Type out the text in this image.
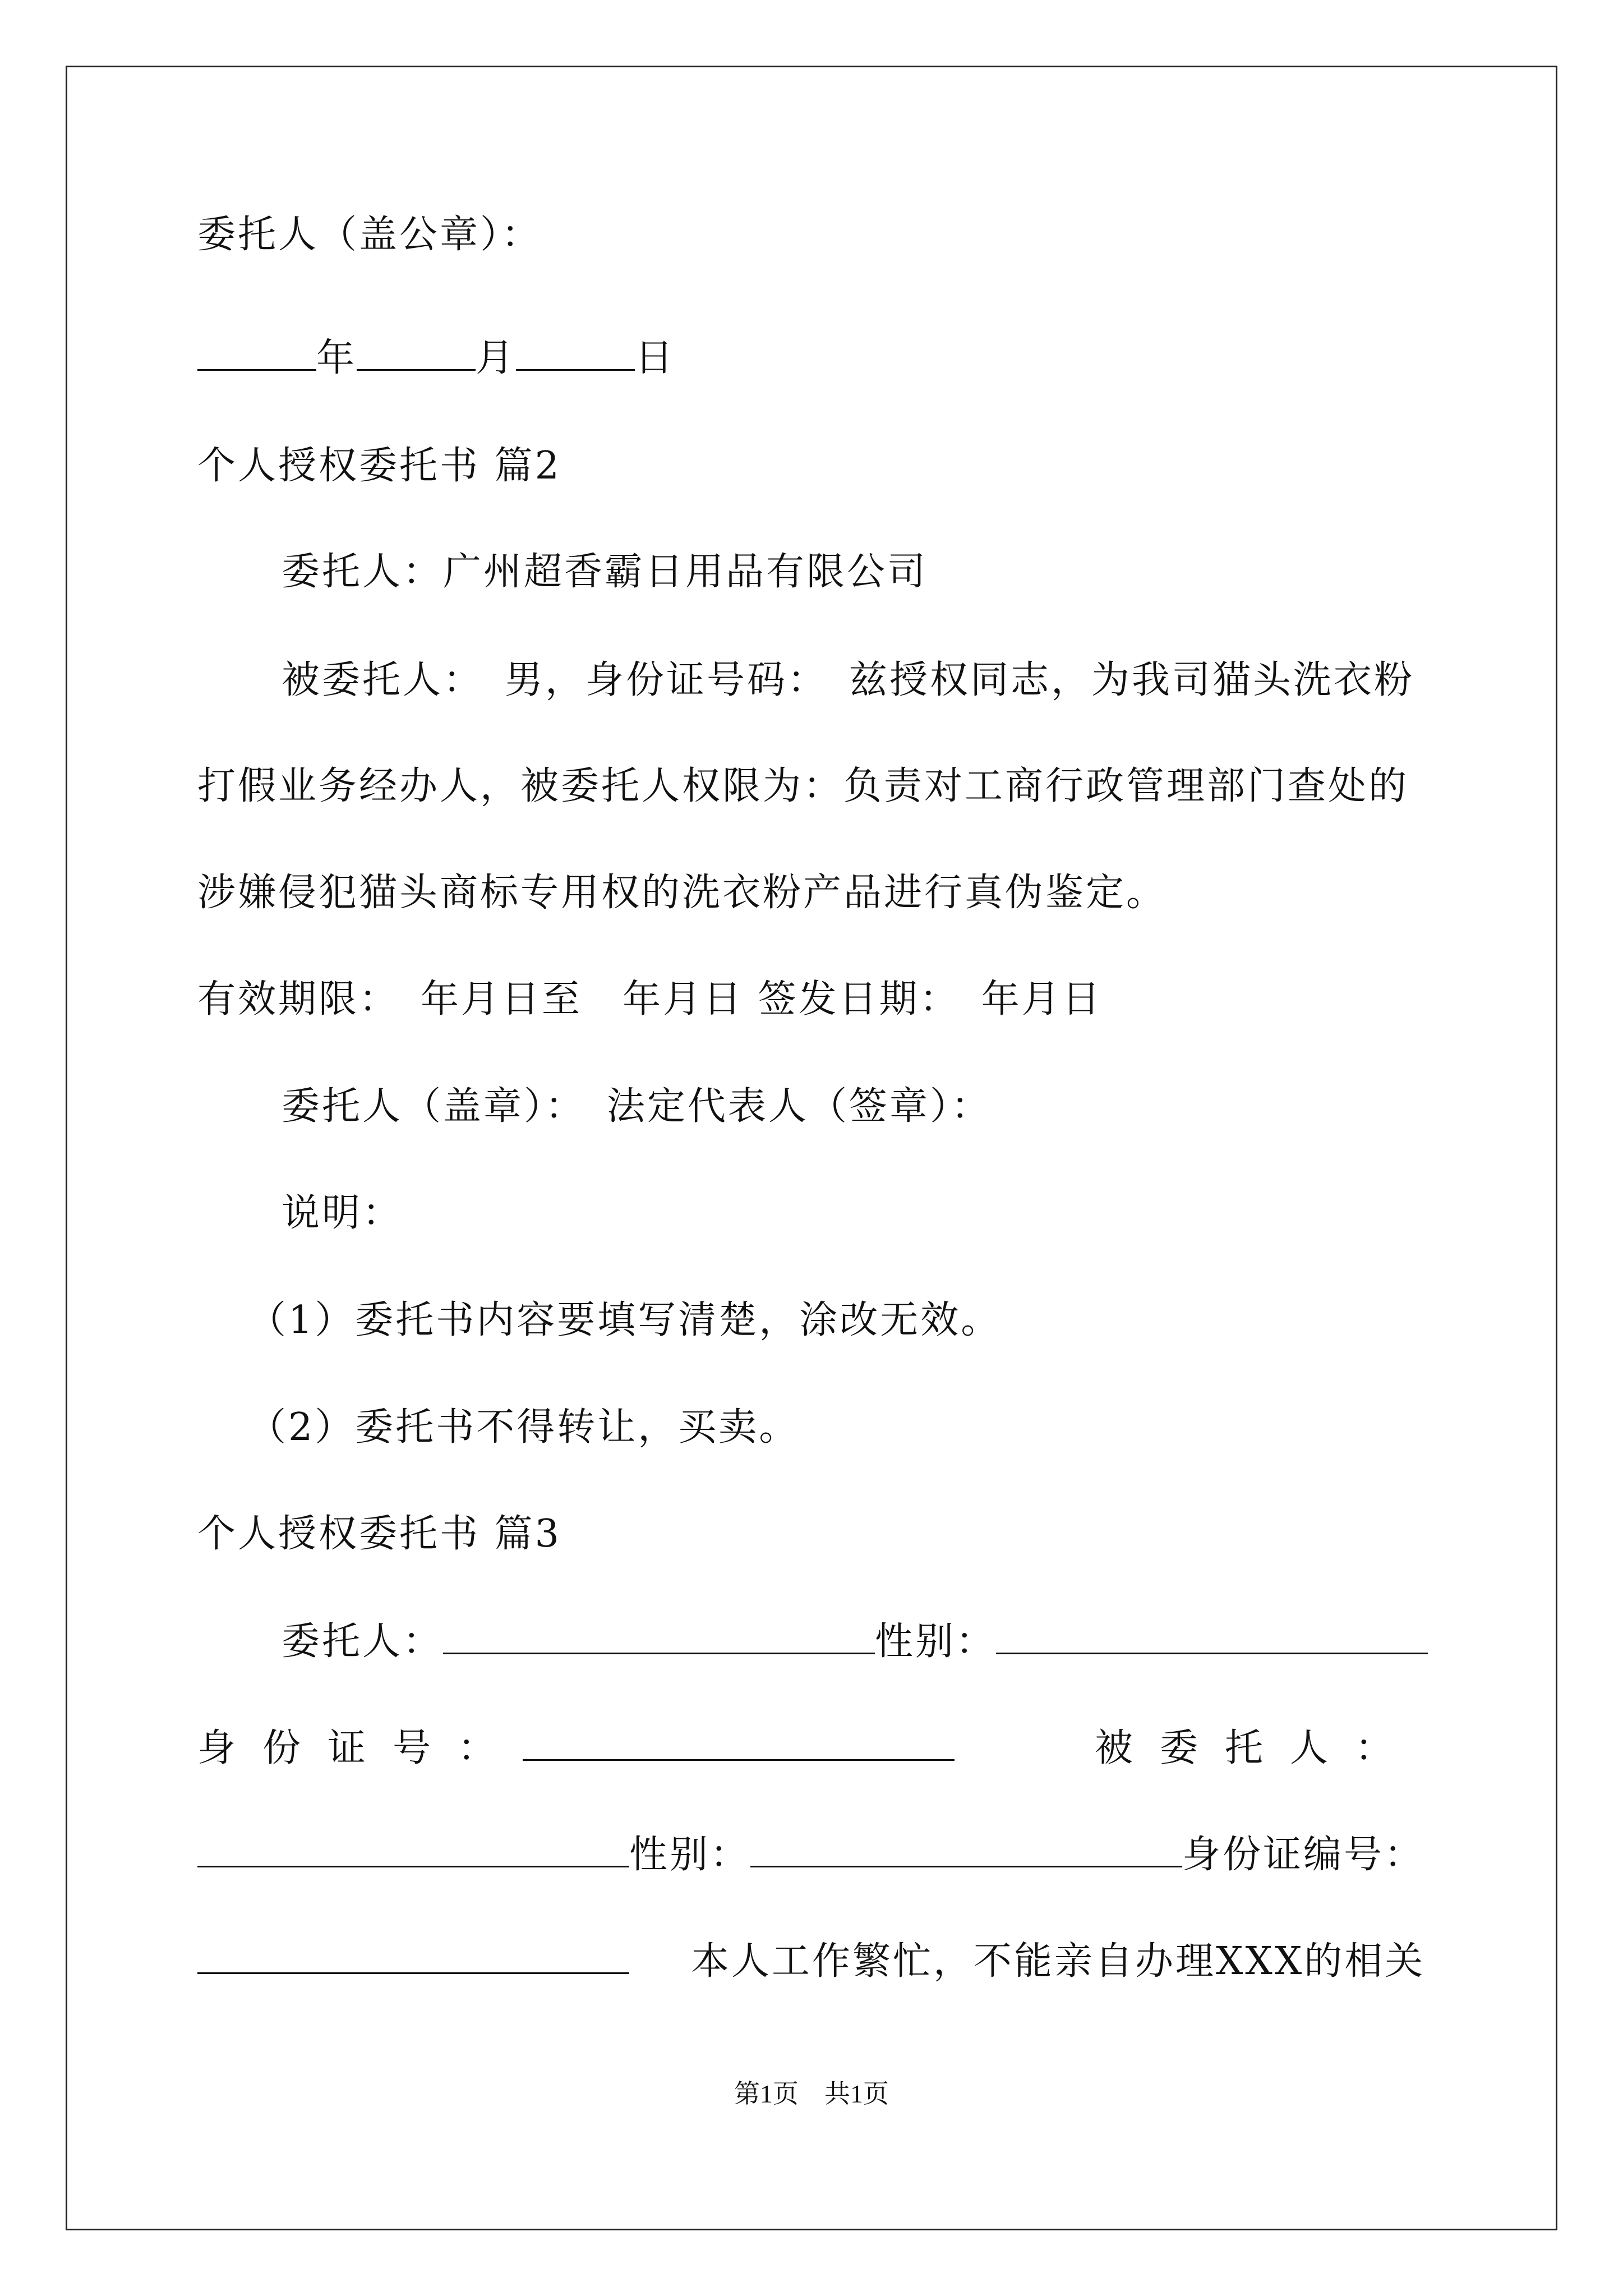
委托人（盖公章）：
年	月	日
个人授权委托书 篇2
委托人：广州超香霸日用品有限公司
被委托人：　男，身份证号码：　兹授权同志，为我司猫头洗衣粉
打假业务经办人，被委托人权限为：负责对工商行政管理部门查处的
涉嫌侵犯猫头商标专用权的洗衣粉产品进行真伪鉴定。
有效期限：　年月日至　年月日 签发日期：　年月日
委托人（盖章）：　法定代表人（签章）：
说明：
（1）委托书内容要填写清楚，涂改无效。
（2）委托书不得转让，买卖。
个人授权委托书 篇3
委托人：	性别：
身份证号：	被委托人：
性别：	身份证编号：
本人工作繁忙，不能亲自办理XXX的相关
第1页　共1页
